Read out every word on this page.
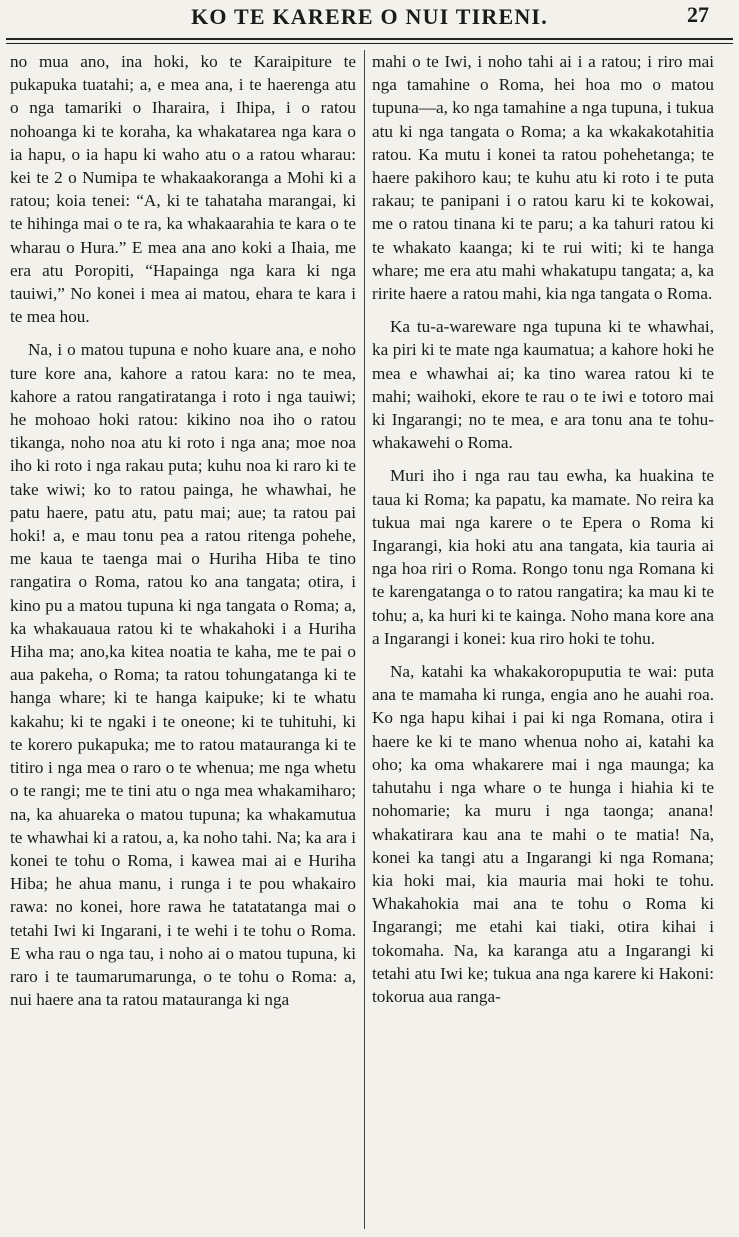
KO TE KARERE O NUI TIRENI.	27

no mua ano, ina hoki, ko te Karaipiture te pukapuka tuatahi; a, e mea ana, i te haerenga atu o nga tamariki o Iharaira, i Ihipa, i o ratou nohoanga ki te koraha, ka whakatarea nga kara o ia hapu, o ia hapu ki waho atu o a ratou wharau: kei te 2 o Numipa te whakaakoranga a Mohi ki a ratou; koia tenei: “A, ki te tahataha marangai, ki te hihinga mai o te ra, ka whakaarahia te kara o te wharau o Hura.” E mea ana ano koki a Ihaia, me era atu Poropiti, “Hapainga nga kara ki nga tauiwi,” No konei i mea ai matou, ehara te kara i te mea hou.

Na, i o matou tupuna e noho kuare ana, e noho ture kore ana, kahore a ratou kara: no te mea, kahore a ratou rangatiratanga i roto i nga tauiwi; he mohoao hoki ratou: kikino noa iho o ratou tikanga, noho noa atu ki roto i nga ana; moe noa iho ki roto i nga rakau puta; kuhu noa ki raro ki te take wiwi; ko to ratou painga, he whawhai, he patu haere, patu atu, patu mai; aue; ta ratou pai hoki! a, e mau tonu pea a ratou ritenga pohehe, me kaua te taenga mai o Huriha Hiba te tino rangatira o Roma, ratou ko ana tangata; otira, i kino pu a matou tupuna ki nga tangata o Roma; a, ka whakauaua ratou ki te whakahoki i a Huriha Hiha ma; ano,ka kitea noatia te kaha, me te pai o aua pakeha, o Roma; ta ratou tohungatanga ki te hanga whare; ki te hanga kaipuke; ki te whatu kakahu; ki te ngaki i te oneone; ki te tuhituhi, ki te korero pukapuka; me to ratou matauranga ki te titiro i nga mea o raro o te whenua; me nga whetu o te rangi; me te tini atu o nga mea whakamiharo; na, ka ahuareka o matou tupuna; ka whakamutua te whawhai ki a ratou, a, ka noho tahi. Na; ka ara i konei te tohu o Roma, i kawea mai ai e Huriha Hiba; he ahua manu, i runga i te pou whakairo rawa: no konei, hore rawa he tatatatanga mai o tetahi Iwi ki Ingarani, i te wehi i te tohu o Roma. E wha rau o nga tau, i noho ai o matou tupuna, ki raro i te taumarumarunga, o te tohu o Roma: a, nui haere ana ta ratou matauranga ki nga

mahi o te Iwi, i noho tahi ai i a ratou; i riro mai nga tamahine o Roma, hei hoa mo o matou tupuna—a, ko nga tamahine a nga tupuna, i tukua atu ki nga tangata o Roma; a ka wkakakotahitia ratou. Ka mutu i konei ta ratou pohehetanga; te haere pakihoro kau; te kuhu atu ki roto i te puta rakau; te panipani i o ratou karu ki te kokowai, me o ratou tinana ki te paru; a ka tahuri ratou ki te whakato kaanga; ki te rui witi; ki te hanga whare; me era atu mahi whakatupu tangata; a, ka ririte haere a ratou mahi, kia nga tangata o Roma.

Ka tu-a-wareware nga tupuna ki te whawhai, ka piri ki te mate nga kaumatua; a kahore hoki he mea e whawhai ai; ka tino warea ratou ki te mahi; waihoki, ekore te rau o te iwi e totoro mai ki Ingarangi; no te mea, e ara tonu ana te tohu-whakawehi o Roma.

Muri iho i nga rau tau ewha, ka huakina te taua ki Roma; ka papatu, ka mamate. No reira ka tukua mai nga karere o te Epera o Roma ki Ingarangi, kia hoki atu ana tangata, kia tauria ai nga hoa riri o Roma. Rongo tonu nga Romana ki te karengatanga o to ratou rangatira; ka mau ki te tohu; a, ka huri ki te kainga. Noho mana kore ana a Ingarangi i konei: kua riro hoki te tohu.

Na, katahi ka whakakoropuputia te wai: puta ana te mamaha ki runga, engia ano he auahi roa. Ko nga hapu kihai i pai ki nga Romana, otira i haere ke ki te mano whenua noho ai, katahi ka oho; ka oma whakarere mai i nga maunga; ka tahutahu i nga whare o te hunga i hiahia ki te nohomarie; ka muru i nga taonga; anana! whakatirara kau ana te mahi o te matia! Na, konei ka tangi atu a Ingarangi ki nga Romana; kia hoki mai, kia mauria mai hoki te tohu. Whakahokia mai ana te tohu o Roma ki Ingarangi; me etahi kai tiaki, otira kihai i tokomaha. Na, ka karanga atu a Ingarangi ki tetahi atu Iwi ke; tukua ana nga karere ki Hakoni: tokorua aua ranga-
